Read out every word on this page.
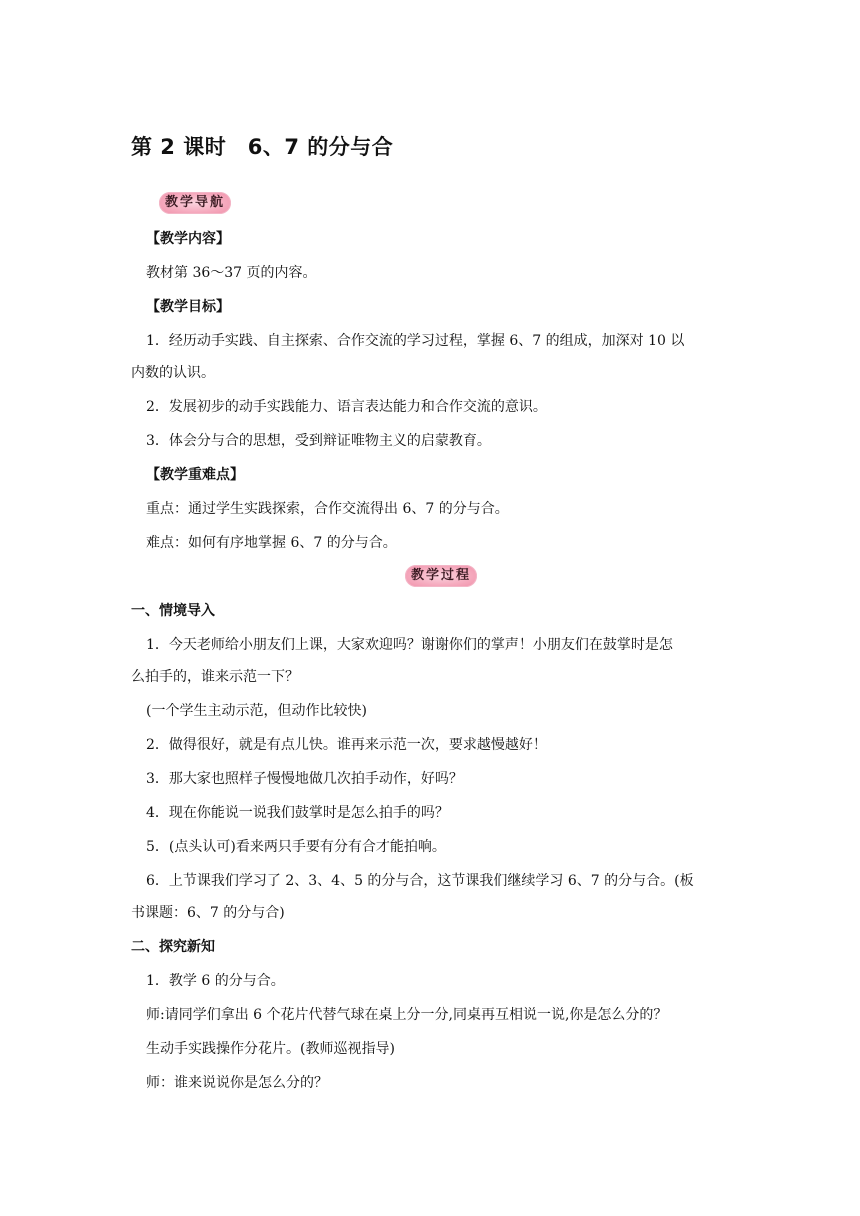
第 2 课时　6、7 的分与合
教学导航
【教学内容】
教材第 36～37 页的内容。
【教学目标】
1．经历动手实践、自主探索、合作交流的学习过程，掌握 6、7 的组成，加深对 10 以
内数的认识。
2．发展初步的动手实践能力、语言表达能力和合作交流的意识。
3．体会分与合的思想，受到辩证唯物主义的启蒙教育。
【教学重难点】
重点：通过学生实践探索，合作交流得出 6、7 的分与合。
难点：如何有序地掌握 6、7 的分与合。
教学过程
一、情境导入
1．今天老师给小朋友们上课，大家欢迎吗？谢谢你们的掌声！小朋友们在鼓掌时是怎
么拍手的，谁来示范一下？
(一个学生主动示范，但动作比较快)
2．做得很好，就是有点儿快。谁再来示范一次，要求越慢越好！
3．那大家也照样子慢慢地做几次拍手动作，好吗？
4．现在你能说一说我们鼓掌时是怎么拍手的吗？
5．(点头认可)看来两只手要有分有合才能拍响。
6．上节课我们学习了 2、3、4、5 的分与合，这节课我们继续学习 6、7 的分与合。(板
书课题：6、7 的分与合)
二、探究新知
1．教学 6 的分与合。
师:请同学们拿出 6 个花片代替气球在桌上分一分,同桌再互相说一说,你是怎么分的？
生动手实践操作分花片。(教师巡视指导)
师：谁来说说你是怎么分的？
